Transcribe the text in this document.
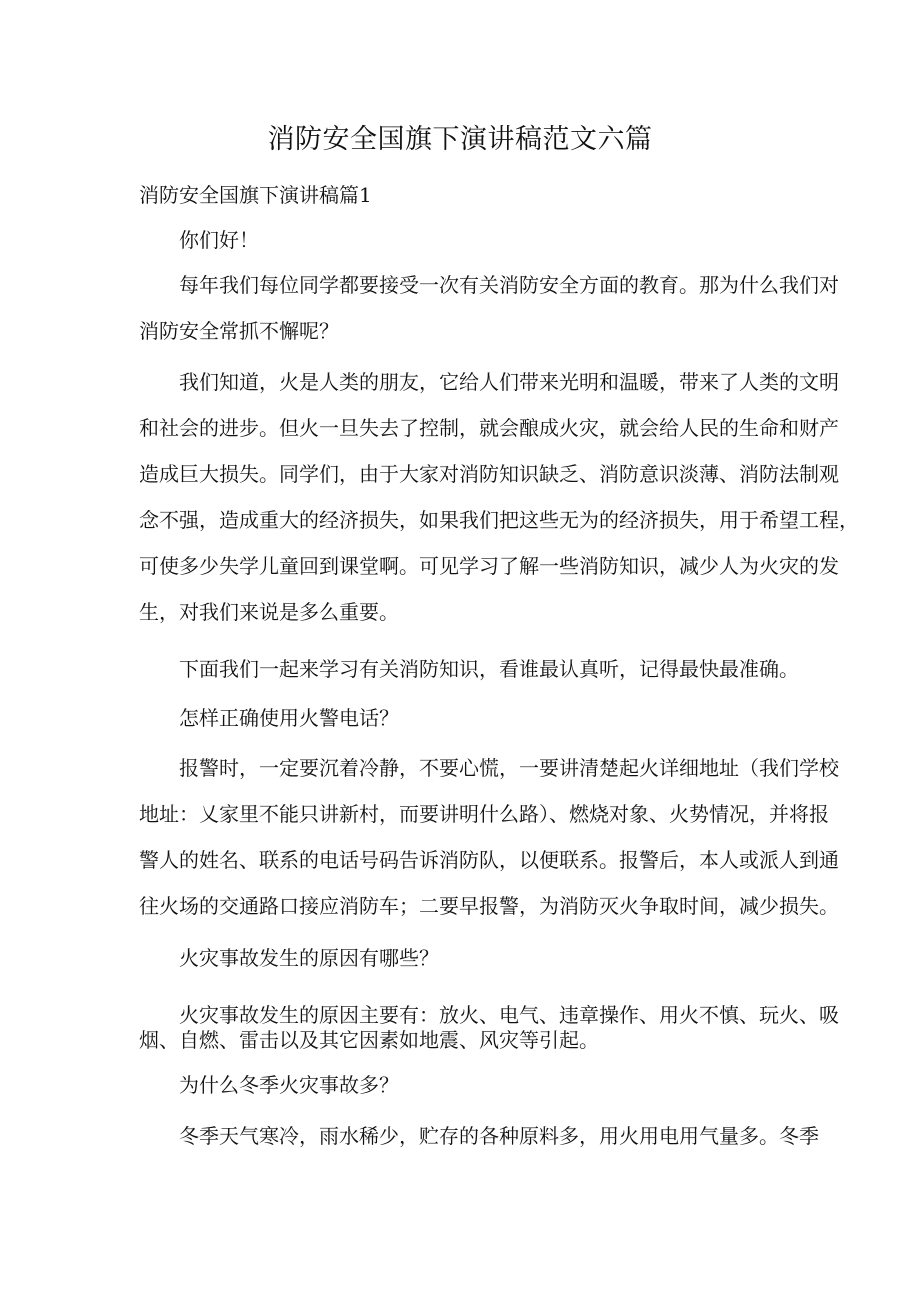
消防安全国旗下演讲稿范文六篇
消防安全国旗下演讲稿篇1

你们好！

每年我们每位同学都要接受一次有关消防安全方面的教育。那为什么我们对

消防安全常抓不懈呢？

我们知道，火是人类的朋友，它给人们带来光明和温暖，带来了人类的文明

和社会的进步。但火一旦失去了控制，就会酿成火灾，就会给人民的生命和财产

造成巨大损失。同学们，由于大家对消防知识缺乏、消防意识淡薄、消防法制观

念不强，造成重大的经济损失，如果我们把这些无为的经济损失，用于希望工程，

可使多少失学儿童回到课堂啊。可见学习了解一些消防知识，减少人为火灾的发

生，对我们来说是多么重要。

下面我们一起来学习有关消防知识，看谁最认真听，记得最快最准确。

怎样正确使用火警电话？

报警时，一定要沉着冷静，不要心慌，一要讲清楚起火详细地址（我们学校

地址：乂家里不能只讲新村，而要讲明什么路）、燃烧对象、火势情况，并将报

警人的姓名、联系的电话号码告诉消防队，以便联系。报警后，本人或派人到通

往火场的交通路口接应消防车；二要早报警，为消防灭火争取时间，减少损失。

火灾事故发生的原因有哪些？

火灾事故发生的原因主要有：放火、电气、违章操作、用火不慎、玩火、吸

烟、自燃、雷击以及其它因素如地震、风灾等引起。

为什么冬季火灾事故多？

冬季天气寒冷，雨水稀少，贮存的各种原料多，用火用电用气量多。冬季
